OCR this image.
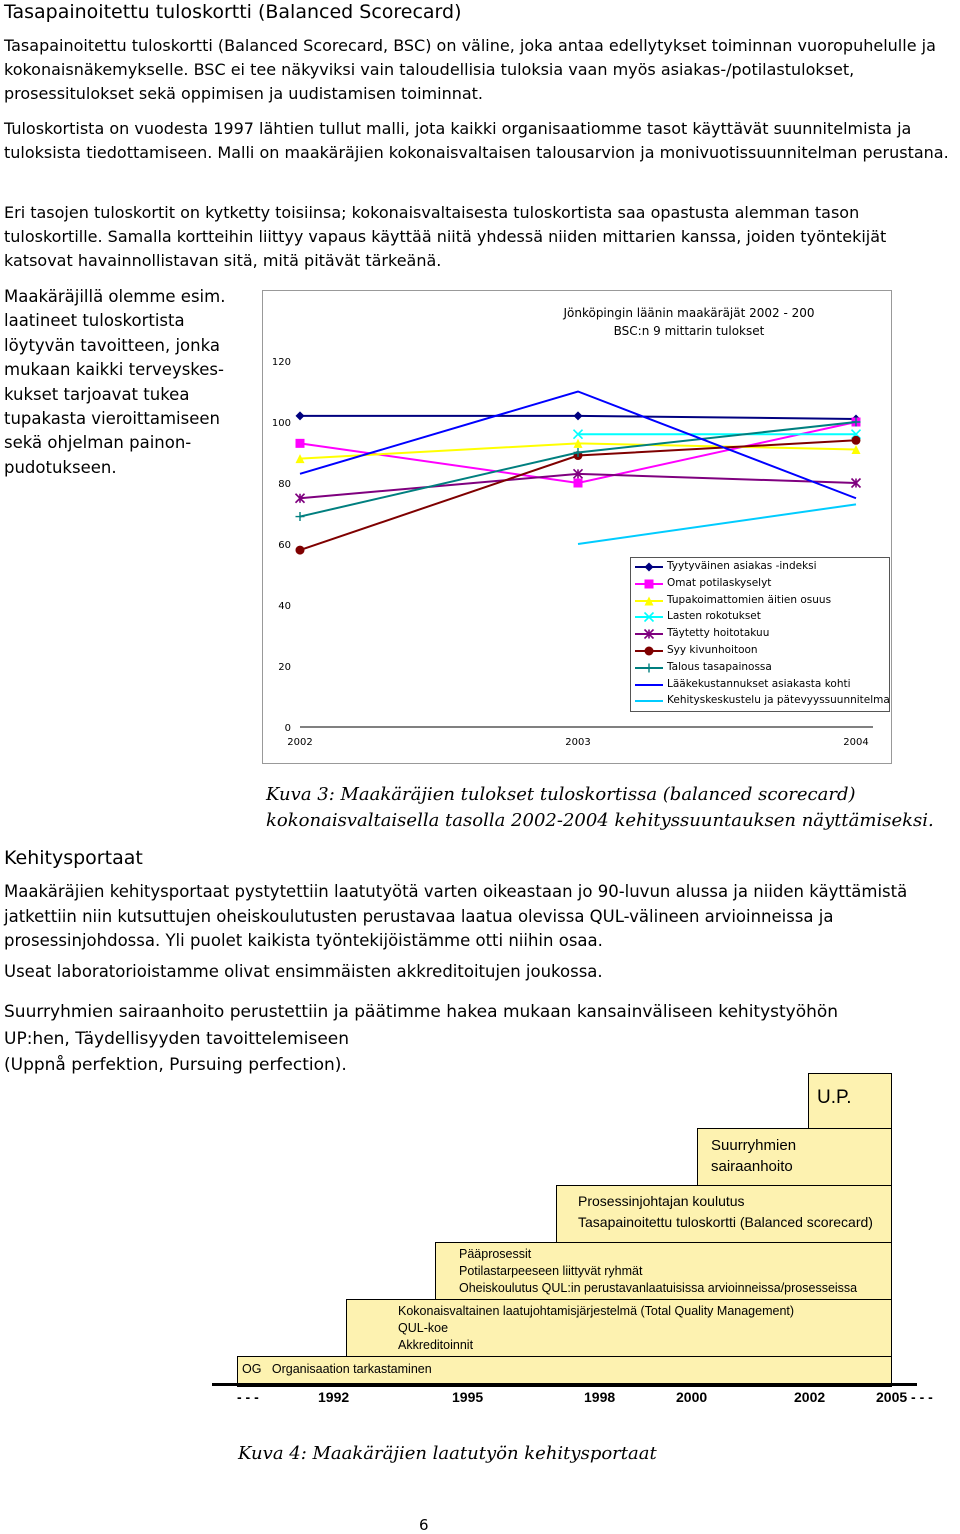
Tasapainoitettu tuloskortti (Balanced Scorecard)
Tasapainoitettu tuloskortti (Balanced Scorecard, BSC) on väline, joka antaa edellytykset toiminnan vuoropuhelulle ja kokonaisnäkemykselle. BSC ei tee näkyviksi vain taloudellisia tuloksia vaan myös asiakas-/potilastulokset, prosessitulokset sekä oppimisen ja uudistamisen toiminnat.
Tuloskortista on vuodesta 1997 lähtien tullut malli, jota kaikki organisaatiomme tasot käyttävät suunnitelmista ja tuloksista tiedottamiseen. Malli on maakäräjien kokonaisvaltaisen talousarvion ja monivuotissuunnitelman perustana.
Eri tasojen tuloskortit on kytketty toisiinsa; kokonaisvaltaisesta tuloskortista saa opastusta alemman tason tuloskortille. Samalla kortteihin liittyy vapaus käyttää niitä yhdessä niiden mittarien kanssa, joiden työntekijät katsovat havainnollistavan sitä, mitä pitävät tärkeänä.
Maakäräjillä olemme esim.
laatineet tuloskortista
löytyvän tavoitteen, jonka
mukaan kaikki terveyskes-
kukset tarjoavat tukea
tupakasta vieroittamiseen
sekä ohjelman painon-
pudotukseen.
Jönköpingin läänin maakäräjät 2002 - 200
BSC:n 9 mittarin tulokset
0
20
40
60
80
100
120
2002	2003	2004
Tyytyväinen asiakas -indeksi
Omat potilaskyselyt
Tupakoimattomien äitien osuus
Lasten rokotukset
Täytetty hoitotakuu
Syy kivunhoitoon
Talous tasapainossa
Lääkekustannukset asiakasta kohti
Kehityskeskustelu ja pätevyyssuunnitelma
Kuva 3: Maakäräjien tulokset tuloskortissa (balanced scorecard)
kokonaisvaltaisella tasolla 2002-2004 kehityssuuntauksen näyttämiseksi.
Kehitysportaat
Maakäräjien kehitysportaat pystytettiin laatutyötä varten oikeastaan jo 90-luvun alussa ja niiden käyttämistä jatkettiin niin kutsuttujen oheiskoulutusten perustavaa laatua olevissa QUL-välineen arvioinneissa ja prosessinjohdossa. Yli puolet kaikista työntekijöistämme otti niihin osaa.
Useat laboratorioistamme olivat ensimmäisten akkreditoitujen joukossa.
Suurryhmien sairaanhoito perustettiin ja päätimme hakea mukaan kansainväliseen kehitystyöhön
UP:hen, Täydellisyyden tavoittelemiseen
(Uppnå perfektion, Pursuing perfection).
U.P.
Suurryhmien
sairaanhoito
Prosessinjohtajan koulutus
Tasapainoitettu tuloskortti (Balanced scorecard)
Pääprosessit
Potilastarpeeseen liittyvät ryhmät
Oheiskoulutus QUL:in perustavanlaatuisissa arvioinneissa/prosesseissa
Kokonaisvaltainen laatujohtamisjärjestelmä (Total Quality Management)
QUL-koe
Akkreditoinnit
OG   Organisaation tarkastaminen
- - -	1992	1995	1998	2000	2002	2005 - - -
Kuva 4: Maakäräjien laatutyön kehitysportaat
6
